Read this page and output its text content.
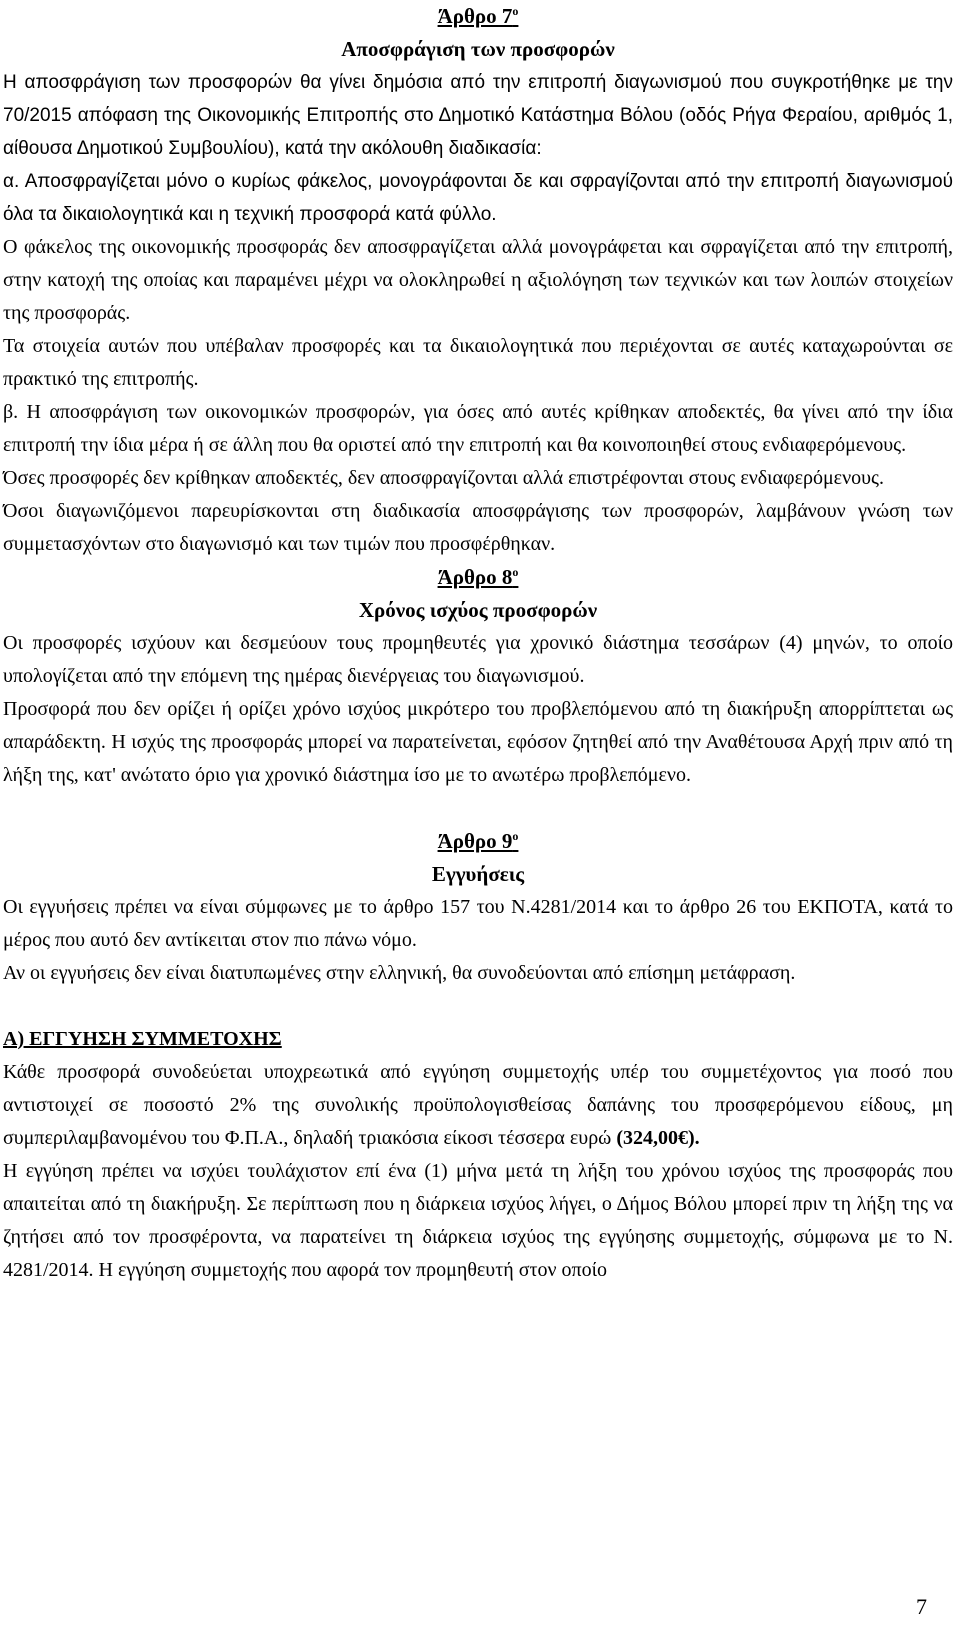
Άρθρο $7^o$
Αποσφράγιση των προσφορών

Η αποσφράγιση των προσφορών θα γίνει δημόσια από την επιτροπή διαγωνισμού που συγκροτήθηκε με την 70/2015 απόφαση της Οικονομικής Επιτροπής στο Δημοτικό Κατάστημα Βόλου (οδός Ρήγα Φεραίου, αριθμός 1, αίθουσα Δημοτικού Συμβουλίου), κατά την ακόλουθη διαδικασία:

α. Αποσφραγίζεται μόνο ο κυρίως φάκελος, μονογράφονται δε και σφραγίζονται από την επιτροπή διαγωνισμού όλα τα δικαιολογητικά και η τεχνική προσφορά κατά φύλλο.

Ο φάκελος της οικονομικής προσφοράς δεν αποσφραγίζεται αλλά μονογράφεται και σφραγίζεται από την επιτροπή, στην κατοχή της οποίας και παραμένει μέχρι να ολοκληρωθεί η αξιολόγηση των τεχνικών και των λοιπών στοιχείων της προσφοράς.

Τα στοιχεία αυτών που υπέβαλαν προσφορές και τα δικαιολογητικά που περιέχονται σε αυτές καταχωρούνται σε πρακτικό της επιτροπής.

β. Η αποσφράγιση των οικονομικών προσφορών, για όσες από αυτές κρίθηκαν αποδεκτές, θα γίνει από την ίδια επιτροπή την ίδια μέρα ή σε άλλη που θα οριστεί από την επιτροπή και θα κοινοποιηθεί στους ενδιαφερόμενους.

Όσες προσφορές δεν κρίθηκαν αποδεκτές, δεν αποσφραγίζονται αλλά επιστρέφονται στους ενδιαφερόμενους.

Όσοι διαγωνιζόμενοι παρευρίσκονται στη διαδικασία αποσφράγισης των προσφορών, λαμβάνουν γνώση των συμμετασχόντων στο διαγωνισμό και των τιμών που προσφέρθηκαν.

Άρθρο $8^o$
Χρόνος ισχύος προσφορών

Οι προσφορές ισχύουν και δεσμεύουν τους προμηθευτές για χρονικό διάστημα τεσσάρων (4) μηνών, το οποίο υπολογίζεται από την επόμενη της ημέρας διενέργειας του διαγωνισμού.

Προσφορά που δεν ορίζει ή ορίζει χρόνο ισχύος μικρότερο του προβλεπόμενου από τη διακήρυξη απορρίπτεται ως απαράδεκτη. Η ισχύς της προσφοράς μπορεί να παρατείνεται, εφόσον ζητηθεί από την Αναθέτουσα Αρχή πριν από τη λήξη της, κατ' ανώτατο όριο για χρονικό διάστημα ίσο με το ανωτέρω προβλεπόμενο.

Άρθρο $9^o$
Εγγυήσεις

Οι εγγυήσεις πρέπει να είναι σύμφωνες με το άρθρο 157 του Ν.4281/2014 και το άρθρο 26 του ΕΚΠΟΤΑ, κατά το μέρος που αυτό δεν αντίκειται στον πιο πάνω νόμο.

Αν οι εγγυήσεις δεν είναι διατυπωμένες στην ελληνική, θα συνοδεύονται από επίσημη μετάφραση.

Α) ΕΓΓΥΗΣΗ ΣΥΜΜΕΤΟΧΗΣ

Κάθε προσφορά συνοδεύεται υποχρεωτικά από εγγύηση συμμετοχής υπέρ του συμμετέχοντος για ποσό που αντιστοιχεί σε ποσοστό 2% της συνολικής προϋπολογισθείσας δαπάνης του προσφερόμενου είδους, μη συμπεριλαμβανομένου του Φ.Π.Α., δηλαδή τριακόσια είκοσι τέσσερα ευρώ (324,00€).

Η εγγύηση πρέπει να ισχύει τουλάχιστον επί ένα (1) μήνα μετά τη λήξη του χρόνου ισχύος της προσφοράς που απαιτείται από τη διακήρυξη. Σε περίπτωση που η διάρκεια ισχύος λήγει, ο Δήμος Βόλου μπορεί πριν τη λήξη της να ζητήσει από τον προσφέροντα, να παρατείνει τη διάρκεια ισχύος της εγγύησης συμμετοχής, σύμφωνα με το Ν. 4281/2014. Η εγγύηση συμμετοχής που αφορά τον προμηθευτή στον οποίο

7
